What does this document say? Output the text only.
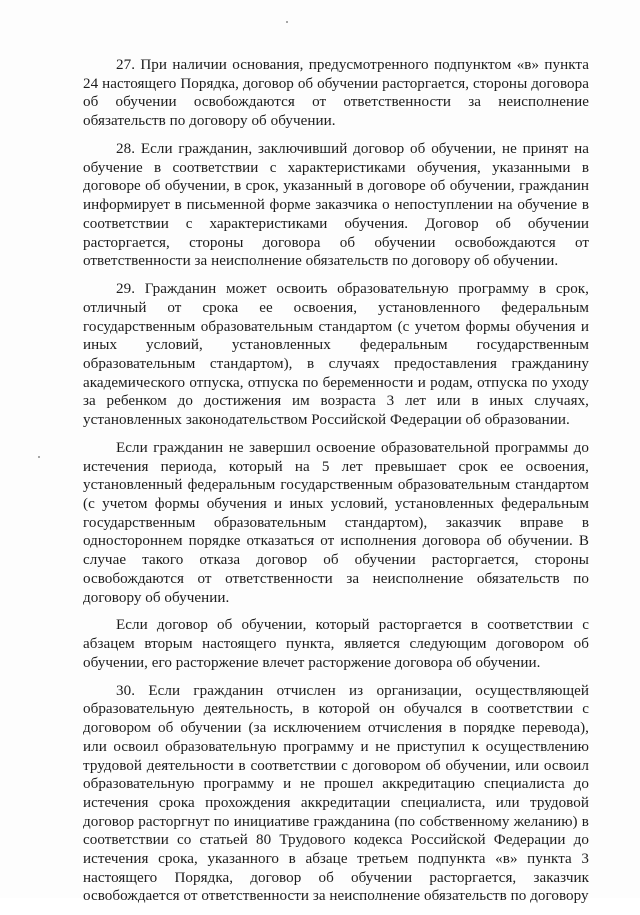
27. При наличии основания, предусмотренного подпунктом «в» пункта 24 настоящего Порядка, договор об обучении расторгается, стороны договора об обучении освобождаются от ответственности за неисполнение обязательств по договору об обучении.

28. Если гражданин, заключивший договор об обучении, не принят на обучение в соответствии с характеристиками обучения, указанными в договоре об обучении, в срок, указанный в договоре об обучении, гражданин информирует в письменной форме заказчика о непоступлении на обучение в соответствии с характеристиками обучения. Договор об обучении расторгается, стороны договора об обучении освобождаются от ответственности за неисполнение обязательств по договору об обучении.

29. Гражданин может освоить образовательную программу в срок, отличный от срока ее освоения, установленного федеральным государственным образовательным стандартом (с учетом формы обучения и иных условий, установленных федеральным государственным образовательным стандартом), в случаях предоставления гражданину академического отпуска, отпуска по беременности и родам, отпуска по уходу за ребенком до достижения им возраста 3 лет или в иных случаях, установленных законодательством Российской Федерации об образовании.

Если гражданин не завершил освоение образовательной программы до истечения периода, который на 5 лет превышает срок ее освоения, установленный федеральным государственным образовательным стандартом (с учетом формы обучения и иных условий, установленных федеральным государственным образовательным стандартом), заказчик вправе в одностороннем порядке отказаться от исполнения договора об обучении. В случае такого отказа договор об обучении расторгается, стороны освобождаются от ответственности за неисполнение обязательств по договору об обучении.

Если договор об обучении, который расторгается в соответствии с абзацем вторым настоящего пункта, является следующим договором об обучении, его расторжение влечет расторжение договора об обучении.

30. Если гражданин отчислен из организации, осуществляющей образовательную деятельность, в которой он обучался в соответствии с договором об обучении (за исключением отчисления в порядке перевода), или освоил образовательную программу и не приступил к осуществлению трудовой деятельности в соответствии с договором об обучении, или освоил образовательную программу и не прошел аккредитацию специалиста до истечения срока прохождения аккредитации специалиста, или трудовой договор расторгнут по инициативе гражданина (по собственному желанию) в соответствии со статьей 80 Трудового кодекса Российской Федерации до истечения срока, указанного в абзаце третьем подпункта «в» пункта 3 настоящего Порядка, договор об обучении расторгается, заказчик освобождается от ответственности за неисполнение обязательств по договору
